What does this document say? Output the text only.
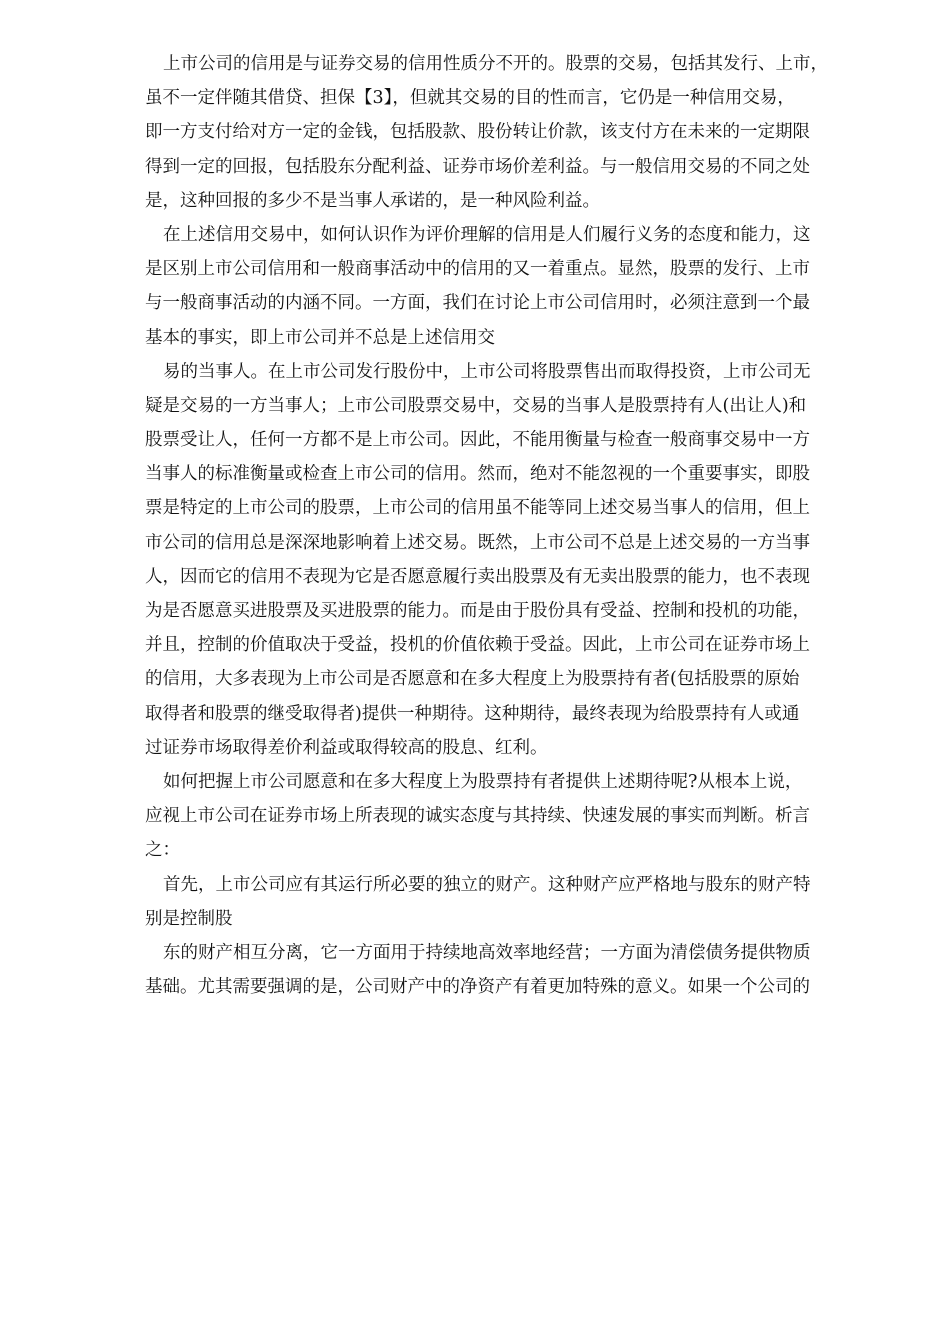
上市公司的信用是与证券交易的信用性质分不开的。股票的交易，包括其发行、上市，
虽不一定伴随其借贷、担保【3】，但就其交易的目的性而言，它仍是一种信用交易，
即一方支付给对方一定的金钱，包括股款、股份转让价款，该支付方在未来的一定期限
得到一定的回报，包括股东分配利益、证券市场价差利益。与一般信用交易的不同之处
是，这种回报的多少不是当事人承诺的，是一种风险利益。
在上述信用交易中，如何认识作为评价理解的信用是人们履行义务的态度和能力，这
是区别上市公司信用和一般商事活动中的信用的又一着重点。显然，股票的发行、上市
与一般商事活动的内涵不同。一方面，我们在讨论上市公司信用时，必须注意到一个最
基本的事实，即上市公司并不总是上述信用交
易的当事人。在上市公司发行股份中，上市公司将股票售出而取得投资，上市公司无
疑是交易的一方当事人；上市公司股票交易中，交易的当事人是股票持有人(出让人)和
股票受让人，任何一方都不是上市公司。因此，不能用衡量与检查一般商事交易中一方
当事人的标准衡量或检查上市公司的信用。然而，绝对不能忽视的一个重要事实，即股
票是特定的上市公司的股票，上市公司的信用虽不能等同上述交易当事人的信用，但上
市公司的信用总是深深地影响着上述交易。既然，上市公司不总是上述交易的一方当事
人，因而它的信用不表现为它是否愿意履行卖出股票及有无卖出股票的能力，也不表现
为是否愿意买进股票及买进股票的能力。而是由于股份具有受益、控制和投机的功能，
并且，控制的价值取决于受益，投机的价值依赖于受益。因此，上市公司在证券市场上
的信用，大多表现为上市公司是否愿意和在多大程度上为股票持有者(包括股票的原始
取得者和股票的继受取得者)提供一种期待。这种期待，最终表现为给股票持有人或通
过证券市场取得差价利益或取得较高的股息、红利。
如何把握上市公司愿意和在多大程度上为股票持有者提供上述期待呢?从根本上说，
应视上市公司在证券市场上所表现的诚实态度与其持续、快速发展的事实而判断。析言
之：
首先，上市公司应有其运行所必要的独立的财产。这种财产应严格地与股东的财产特
别是控制股
东的财产相互分离，它一方面用于持续地高效率地经营；一方面为清偿债务提供物质
基础。尤其需要强调的是，公司财产中的净资产有着更加特殊的意义。如果一个公司的
